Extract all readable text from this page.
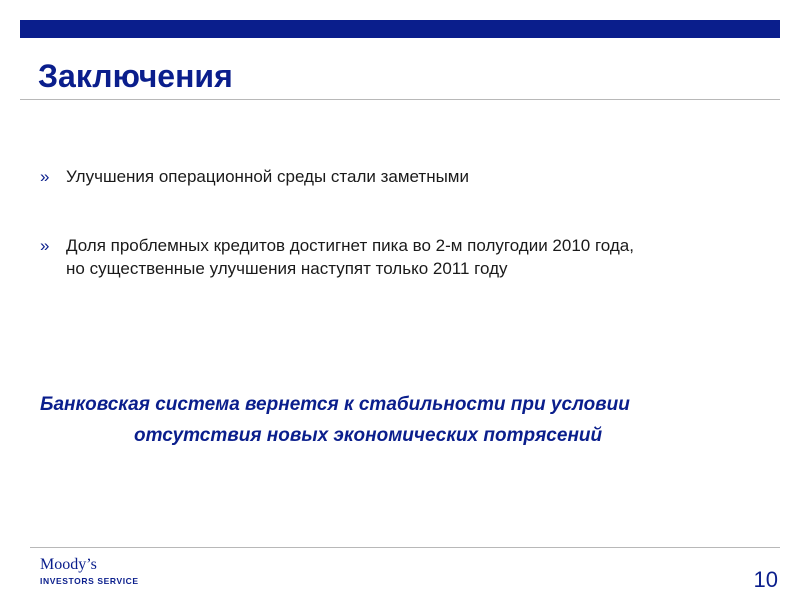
Заключения
» Улучшения операционной среды стали заметными
» Доля проблемных кредитов достигнет пика во 2-м полугодии 2010 года,
но существенные улучшения наступят только 2011 году

Банковская система вернется к стабильности при условии

отсутствия новых экономических потрясений

Moody’s
INVESTORS SERVICE	10
